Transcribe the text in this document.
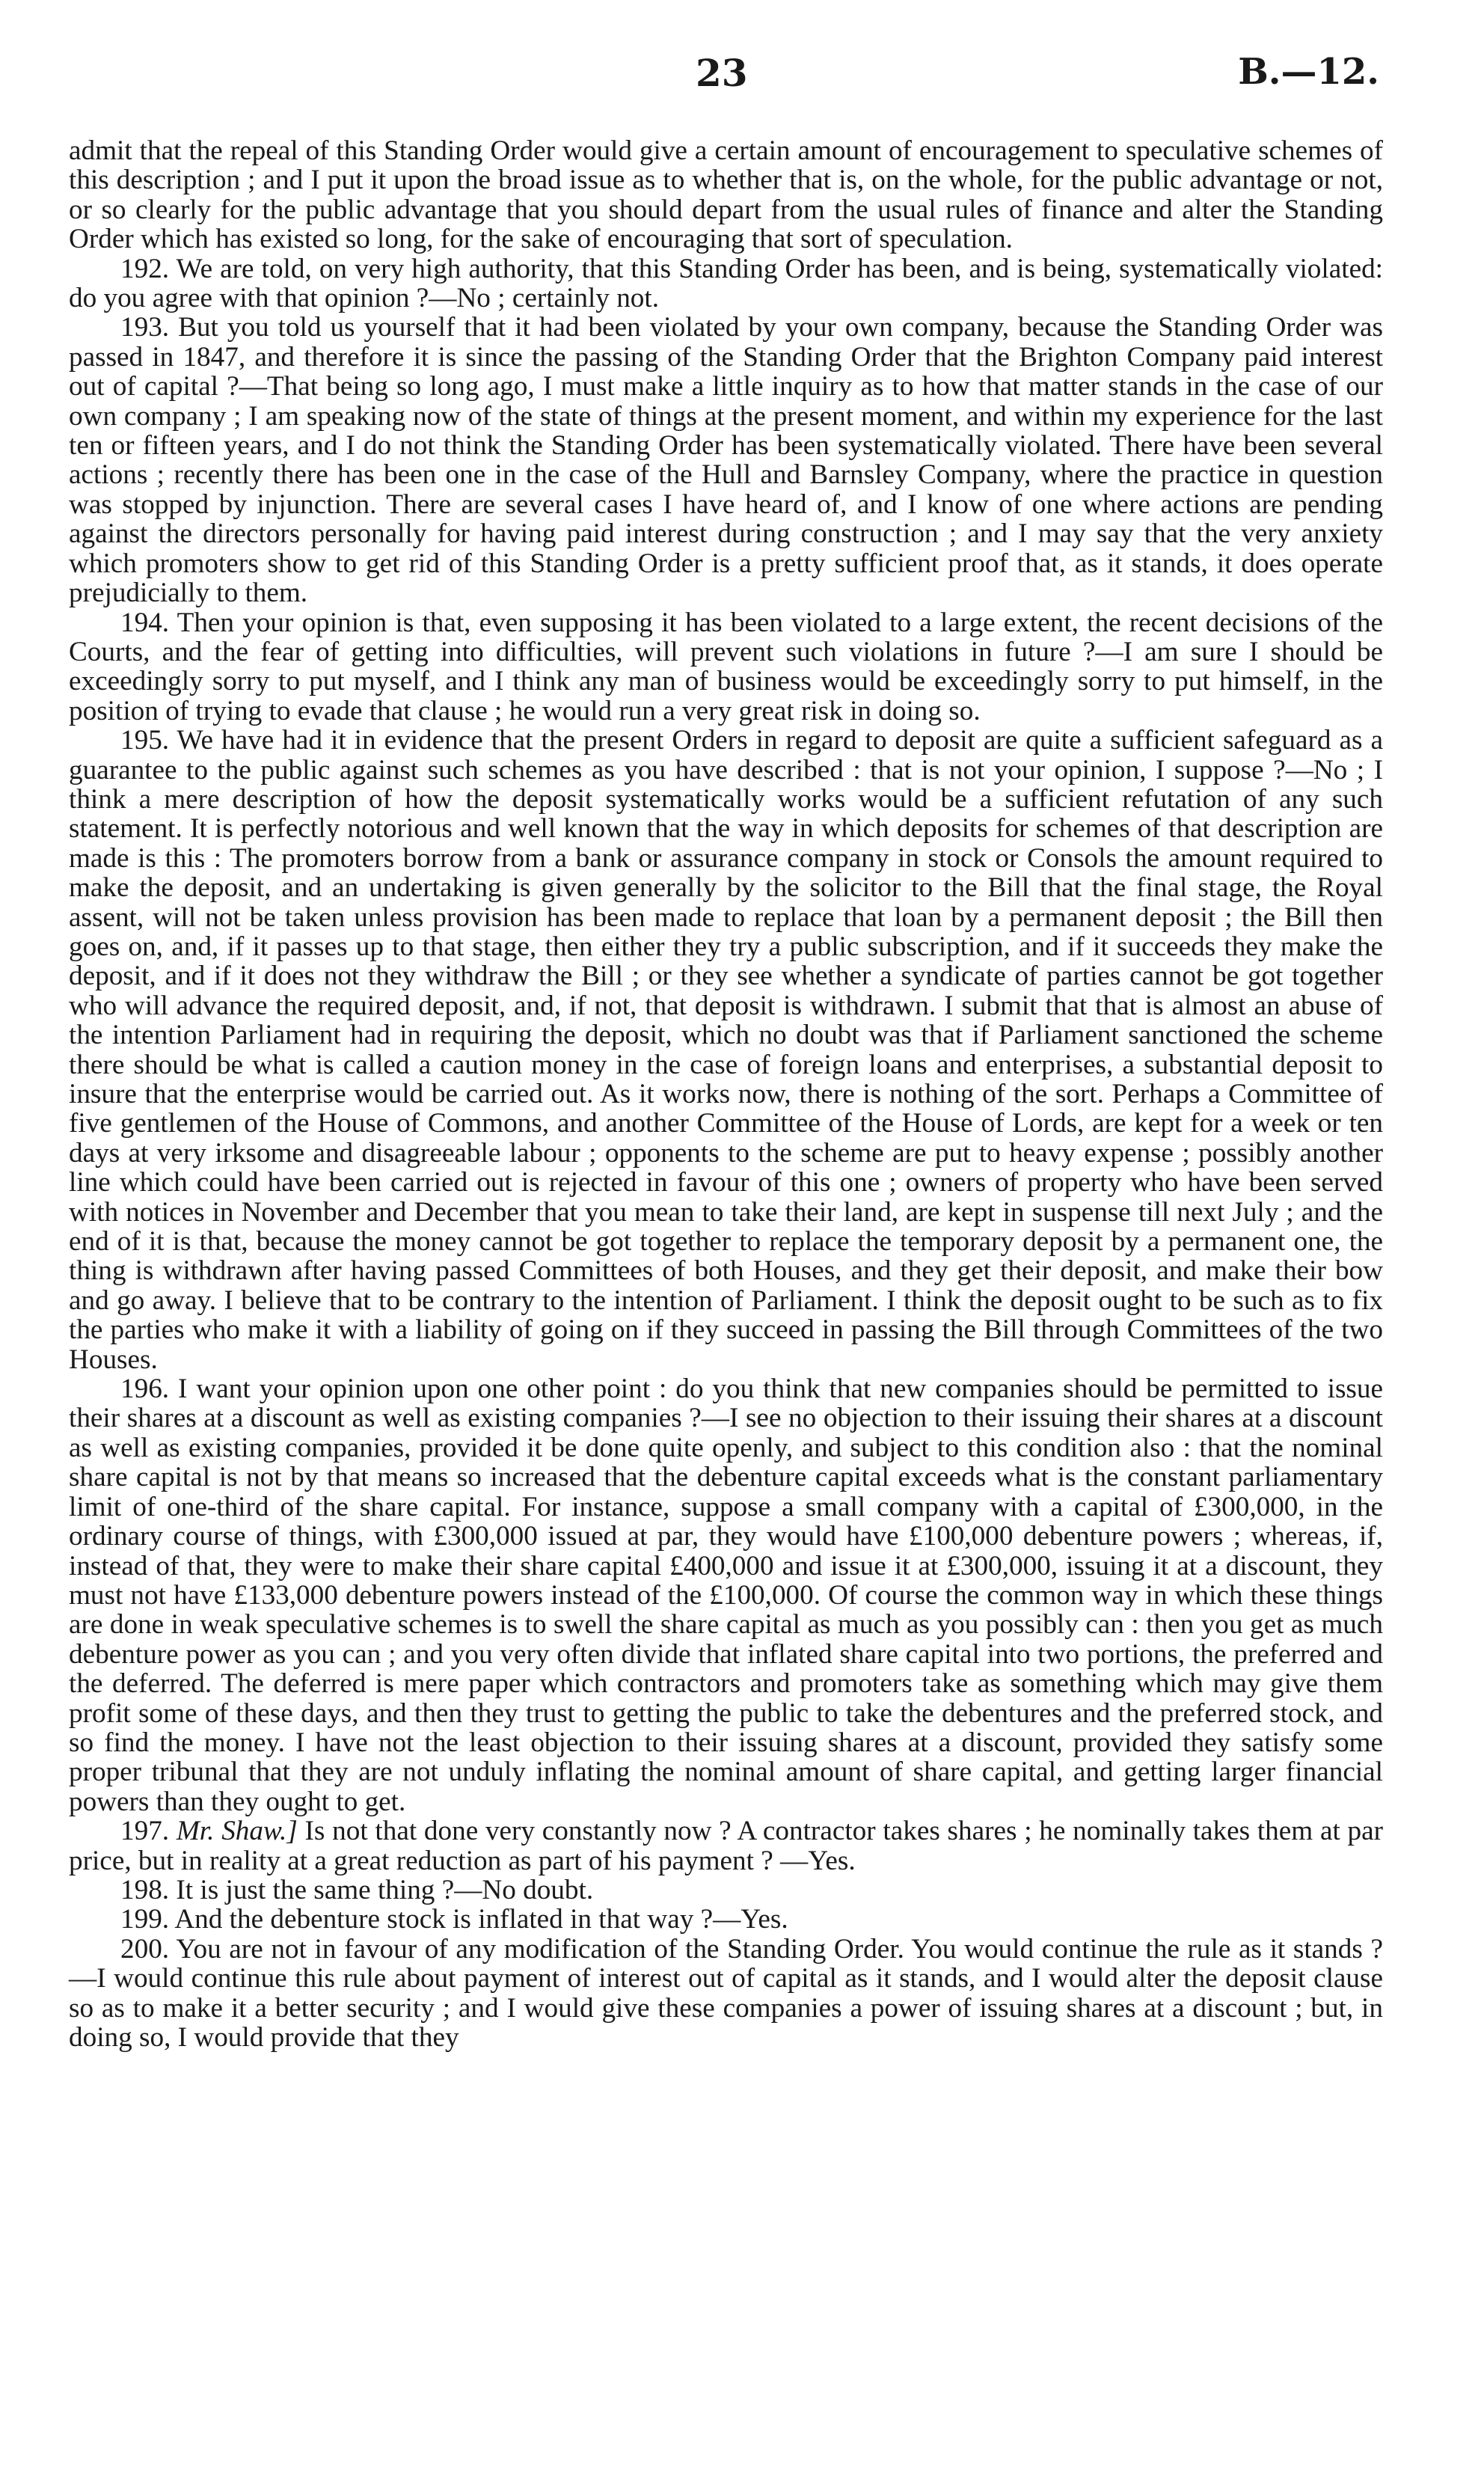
23	B.—12.

admit that the repeal of this Standing Order would give a certain amount of encouragement to speculative schemes of this description ; and I put it upon the broad issue as to whether that is, on the whole, for the public advantage or not, or so clearly for the public advantage that you should depart from the usual rules of finance and alter the Standing Order which has existed so long, for the sake of encouraging that sort of speculation.

192. We are told, on very high authority, that this Standing Order has been, and is being, systematically violated: do you agree with that opinion ?—No ; certainly not.

193. But you told us yourself that it had been violated by your own company, because the Standing Order was passed in 1847, and therefore it is since the passing of the Standing Order that the Brighton Company paid interest out of capital ?—That being so long ago, I must make a little inquiry as to how that matter stands in the case of our own company ; I am speaking now of the state of things at the present moment, and within my experience for the last ten or fifteen years, and I do not think the Standing Order has been systematically violated. There have been several actions ; recently there has been one in the case of the Hull and Barnsley Company, where the practice in question was stopped by injunction. There are several cases I have heard of, and I know of one where actions are pending against the directors personally for having paid interest during construction ; and I may say that the very anxiety which promoters show to get rid of this Standing Order is a pretty sufficient proof that, as it stands, it does operate prejudicially to them.

194. Then your opinion is that, even supposing it has been violated to a large extent, the recent decisions of the Courts, and the fear of getting into difficulties, will prevent such violations in future ?—I am sure I should be exceedingly sorry to put myself, and I think any man of business would be exceedingly sorry to put himself, in the position of trying to evade that clause ; he would run a very great risk in doing so.

195. We have had it in evidence that the present Orders in regard to deposit are quite a sufficient safeguard as a guarantee to the public against such schemes as you have described : that is not your opinion, I suppose ?—No ; I think a mere description of how the deposit systematically works would be a sufficient refutation of any such statement. It is perfectly notorious and well known that the way in which deposits for schemes of that description are made is this : The promoters borrow from a bank or assurance company in stock or Consols the amount required to make the deposit, and an undertaking is given generally by the solicitor to the Bill that the final stage, the Royal assent, will not be taken unless provision has been made to replace that loan by a permanent deposit ; the Bill then goes on, and, if it passes up to that stage, then either they try a public subscription, and if it succeeds they make the deposit, and if it does not they withdraw the Bill ; or they see whether a syndicate of parties cannot be got together who will advance the required deposit, and, if not, that deposit is withdrawn. I submit that that is almost an abuse of the intention Parliament had in requiring the deposit, which no doubt was that if Parliament sanctioned the scheme there should be what is called a caution money in the case of foreign loans and enterprises, a substantial deposit to insure that the enterprise would be carried out. As it works now, there is nothing of the sort. Perhaps a Committee of five gentlemen of the House of Commons, and another Committee of the House of Lords, are kept for a week or ten days at very irksome and disagreeable labour ; opponents to the scheme are put to heavy expense ; possibly another line which could have been carried out is rejected in favour of this one ; owners of property who have been served with notices in November and December that you mean to take their land, are kept in suspense till next July ; and the end of it is that, because the money cannot be got together to replace the temporary deposit by a permanent one, the thing is withdrawn after having passed Committees of both Houses, and they get their deposit, and make their bow and go away. I believe that to be contrary to the intention of Parliament. I think the deposit ought to be such as to fix the parties who make it with a liability of going on if they succeed in passing the Bill through Committees of the two Houses.

196. I want your opinion upon one other point : do you think that new companies should be permitted to issue their shares at a discount as well as existing companies ?—I see no objection to their issuing their shares at a discount as well as existing companies, provided it be done quite openly, and subject to this condition also : that the nominal share capital is not by that means so increased that the debenture capital exceeds what is the constant parliamentary limit of one-third of the share capital. For instance, suppose a small company with a capital of £300,000, in the ordinary course of things, with £300,000 issued at par, they would have £100,000 debenture powers ; whereas, if, instead of that, they were to make their share capital £400,000 and issue it at £300,000, issuing it at a discount, they must not have £133,000 debenture powers instead of the £100,000. Of course the common way in which these things are done in weak speculative schemes is to swell the share capital as much as you possibly can : then you get as much debenture power as you can ; and you very often divide that inflated share capital into two portions, the preferred and the deferred. The deferred is mere paper which contractors and promoters take as something which may give them profit some of these days, and then they trust to getting the public to take the debentures and the preferred stock, and so find the money. I have not the least objection to their issuing shares at a discount, provided they satisfy some proper tribunal that they are not unduly inflating the nominal amount of share capital, and getting larger financial powers than they ought to get.

197. Mr. Shaw.] Is not that done very constantly now ? A contractor takes shares ; he nominally takes them at par price, but in reality at a great reduction as part of his payment ? —Yes.

198. It is just the same thing ?—No doubt.

199. And the debenture stock is inflated in that way ?—Yes.

200. You are not in favour of any modification of the Standing Order. You would continue the rule as it stands ?—I would continue this rule about payment of interest out of capital as it stands, and I would alter the deposit clause so as to make it a better security ; and I would give these companies a power of issuing shares at a discount ; but, in doing so, I would provide that they
